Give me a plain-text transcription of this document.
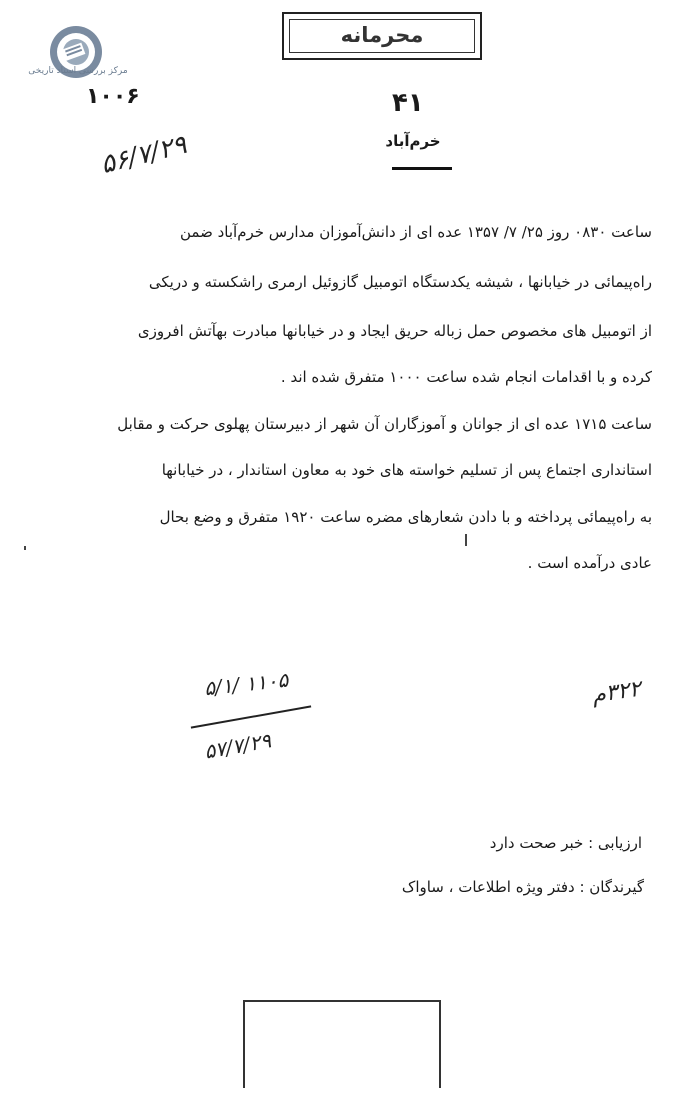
مرکز بررسی اسناد تاریخی
محرمانه
۱۰۰۶	۴۱
خرم‌آباد
۵۶/۷/۲۹
ساعت ۰۸۳۰ روز ۲۵/ ۷/ ۱۳۵۷ عده ای از دانش‌آموزان مدارس خرم‌آباد ضمن
راه‌پیمائی در خیابانها ، شیشه یکدستگاه اتومبیل گازوئیل ارمری راشکسته و دریکی
از اتومبیل های مخصوص حمل زباله حریق ایجاد و در خیابانها مبادرت بهآتش افروزی
کرده و با اقدامات انجام شده ساعت ۱۰۰۰ متفرق شده اند .
ساعت ۱۷۱۵ عده ای از جوانان و آموزگاران آن شهر از دبیرستان پهلوی حرکت و مقابل
استانداری اجتماع پس از تسلیم خواسته های خود به معاون استاندار ، در خیابانها
به راه‌پیمائی پرداخته و با دادن شعارهای مضره ساعت ۱۹۲۰ متفرق و وضع بحال
عادی درآمده است .
۵/۱/ ۱۱۰۵
۵۷/۷/۲۹
۳۲۲م
ارزیابی : خبر صحت دارد
گیرندگان : دفتر ویژه اطلاعات ، ساواک
